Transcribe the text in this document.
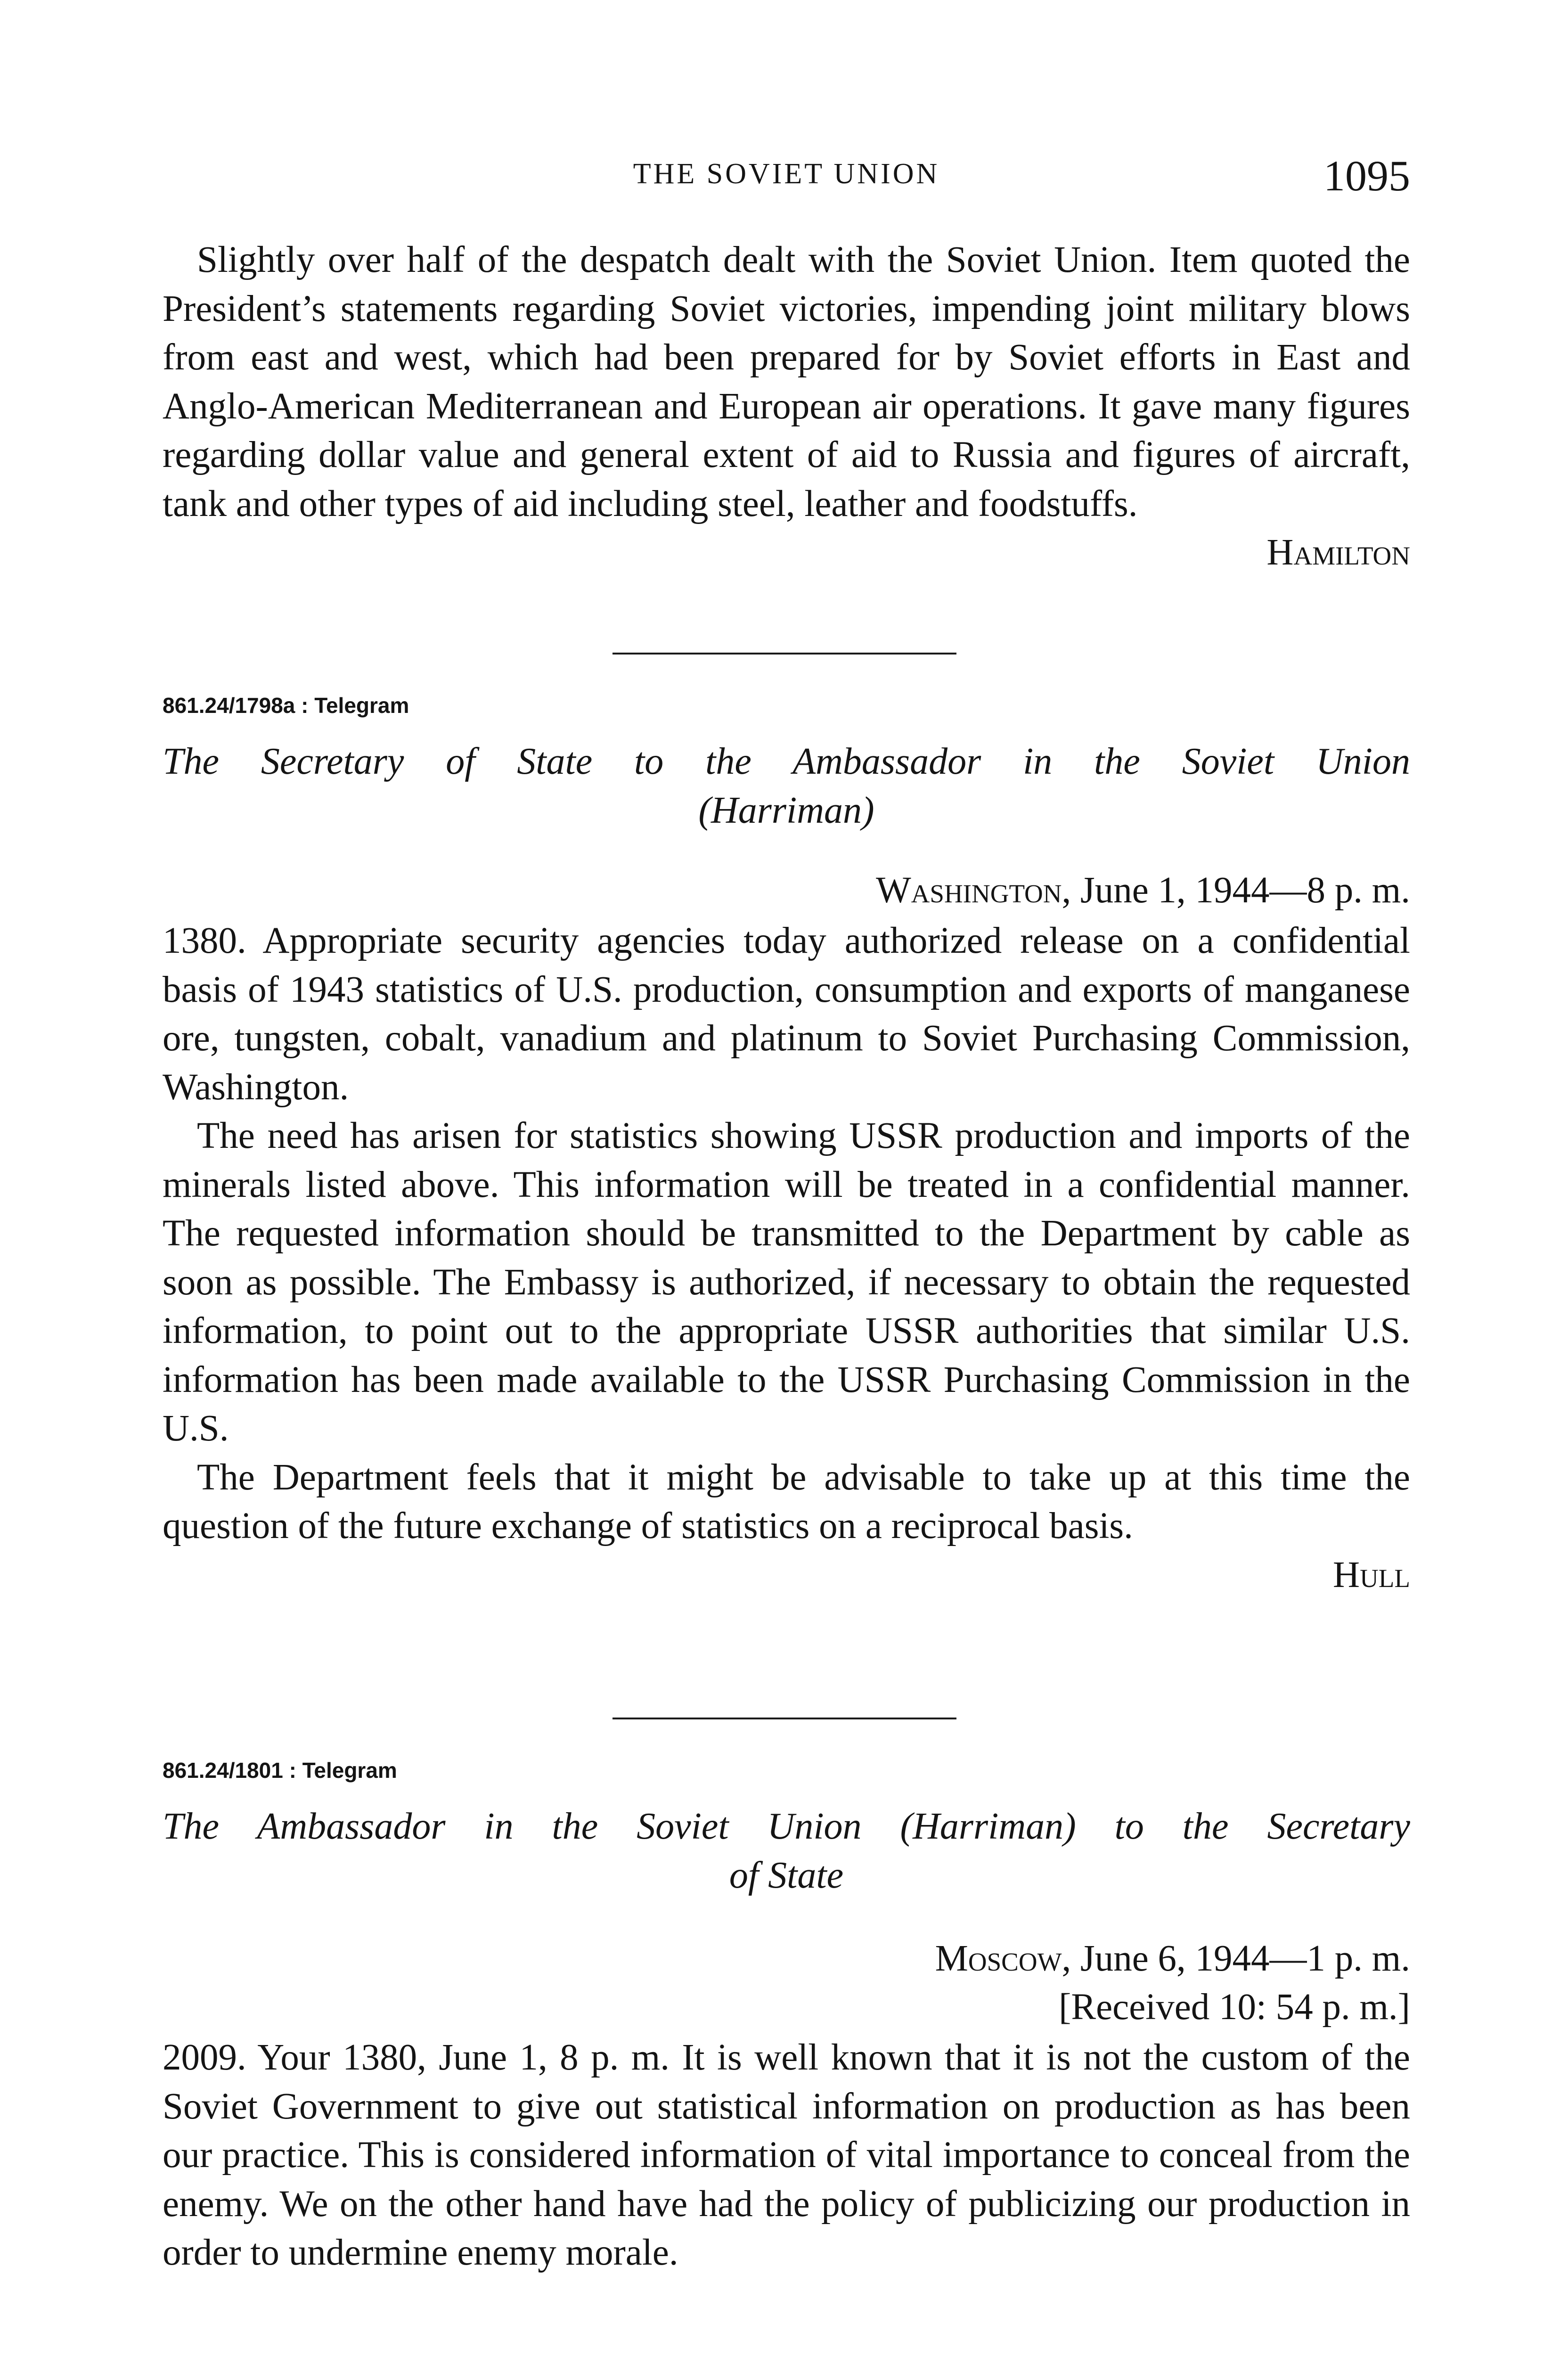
THE SOVIET UNION	1095

Slightly over half of the despatch dealt with the Soviet Union. Item quoted the President’s statements regarding Soviet victories, impending joint military blows from east and west, which had been prepared for by Soviet efforts in East and Anglo-American Mediterranean and European air operations. It gave many figures regarding dollar value and general extent of aid to Russia and figures of aircraft, tank and other types of aid including steel, leather and foodstuffs.

Hamilton

861.24/1798a : Telegram
The Secretary of State to the Ambassador in the Soviet Union
(Harriman)
Washington, June 1, 1944—8 p. m.

1380. Appropriate security agencies today authorized release on a confidential basis of 1943 statistics of U.S. production, consumption and exports of manganese ore, tungsten, cobalt, vanadium and platinum to Soviet Purchasing Commission, Washington.

The need has arisen for statistics showing USSR production and imports of the minerals listed above. This information will be treated in a confidential manner. The requested information should be transmitted to the Department by cable as soon as possible. The Embassy is authorized, if necessary to obtain the requested information, to point out to the appropriate USSR authorities that similar U.S. information has been made available to the USSR Purchasing Commission in the U.S.

The Department feels that it might be advisable to take up at this time the question of the future exchange of statistics on a reciprocal basis.

Hull

861.24/1801 : Telegram
The Ambassador in the Soviet Union (Harriman) to the Secretary
of State
Moscow, June 6, 1944—1 p. m.
[Received 10: 54 p. m.]

2009. Your 1380, June 1, 8 p. m. It is well known that it is not the custom of the Soviet Government to give out statistical information on production as has been our practice. This is considered information of vital importance to conceal from the enemy. We on the other hand have had the policy of publicizing our production in order to undermine enemy morale.
